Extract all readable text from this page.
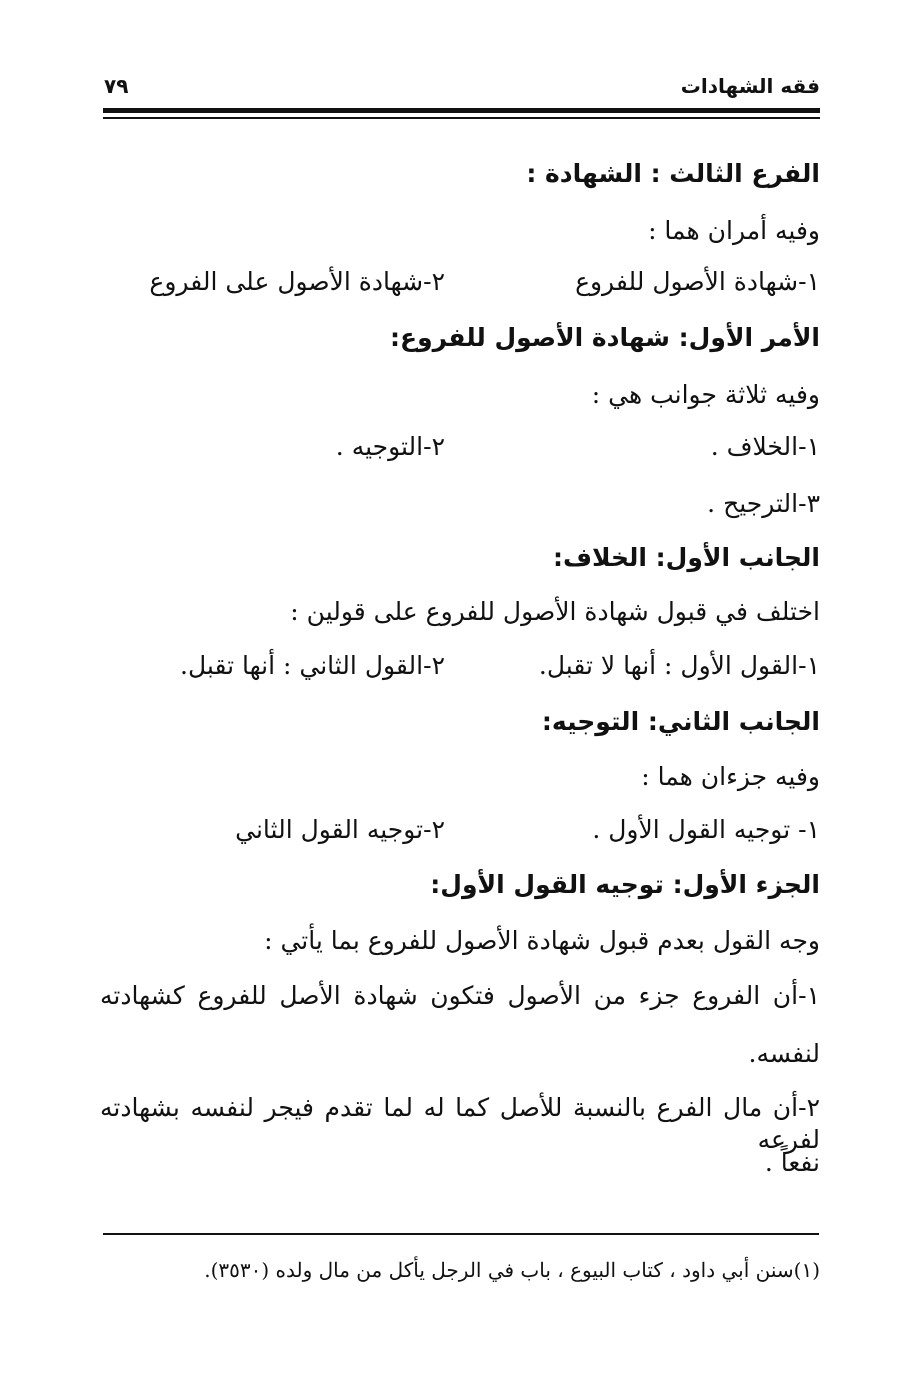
فقه الشهادات
٧٩
الفرع الثالث : الشهادة :
وفيه أمران هما :
١-شهادة الأصول للفروع
٢-شهادة الأصول على الفروع
الأمر الأول: شهادة الأصول للفروع:
وفيه ثلاثة جوانب هي :
١-الخلاف .
٢-التوجيه .
٣-الترجيح .
الجانب الأول: الخلاف:
اختلف في قبول شهادة الأصول للفروع على قولين :
١-القول الأول : أنها لا تقبل.
٢-القول الثاني : أنها تقبل.
الجانب الثاني: التوجيه:
وفيه جزءان هما :
١- توجيه القول الأول .
٢-توجيه القول الثاني
الجزء الأول: توجيه القول الأول:
وجه القول بعدم قبول شهادة الأصول للفروع بما يأتي :
١-أن الفروع جزء من الأصول فتكون شهادة الأصل للفروع كشهادته
لنفسه.
٢-أن مال الفرع بالنسبة للأصل كما له لما تقدم فيجر لنفسه بشهادته لفرعه
نفعاً .
(١)سنن أبي داود ، كتاب البيوع ، باب في الرجل يأكل من مال ولده (٣٥٣٠).
